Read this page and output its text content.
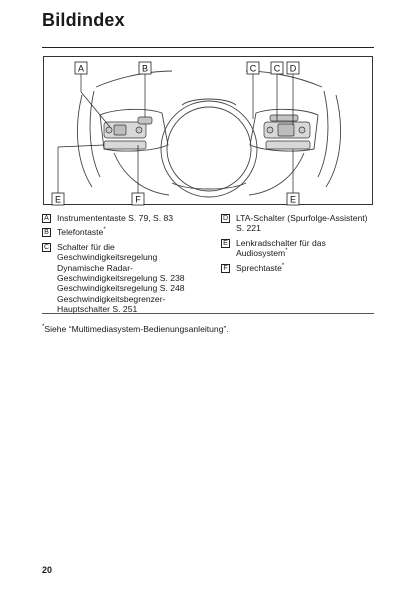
Bildindex
A	B	C C D
E	F	E
A Instrumententaste S. 79, S. 83
B Telefontaste*
C Schalter für die
Geschwindigkeitsregelung
Dynamische Radar-
Geschwindigkeitsregelung S. 238
Geschwindigkeitsregelung S. 248
Geschwindigkeitsbegrenzer-
Hauptschalter S. 251
D LTA-Schalter (Spurfolge-Assistent)
S. 221
E Lenkradschalter für das
Audiosystem*
F Sprechtaste*
*Siehe “Multimediasystem-Bedienungsanleitung”.
20
